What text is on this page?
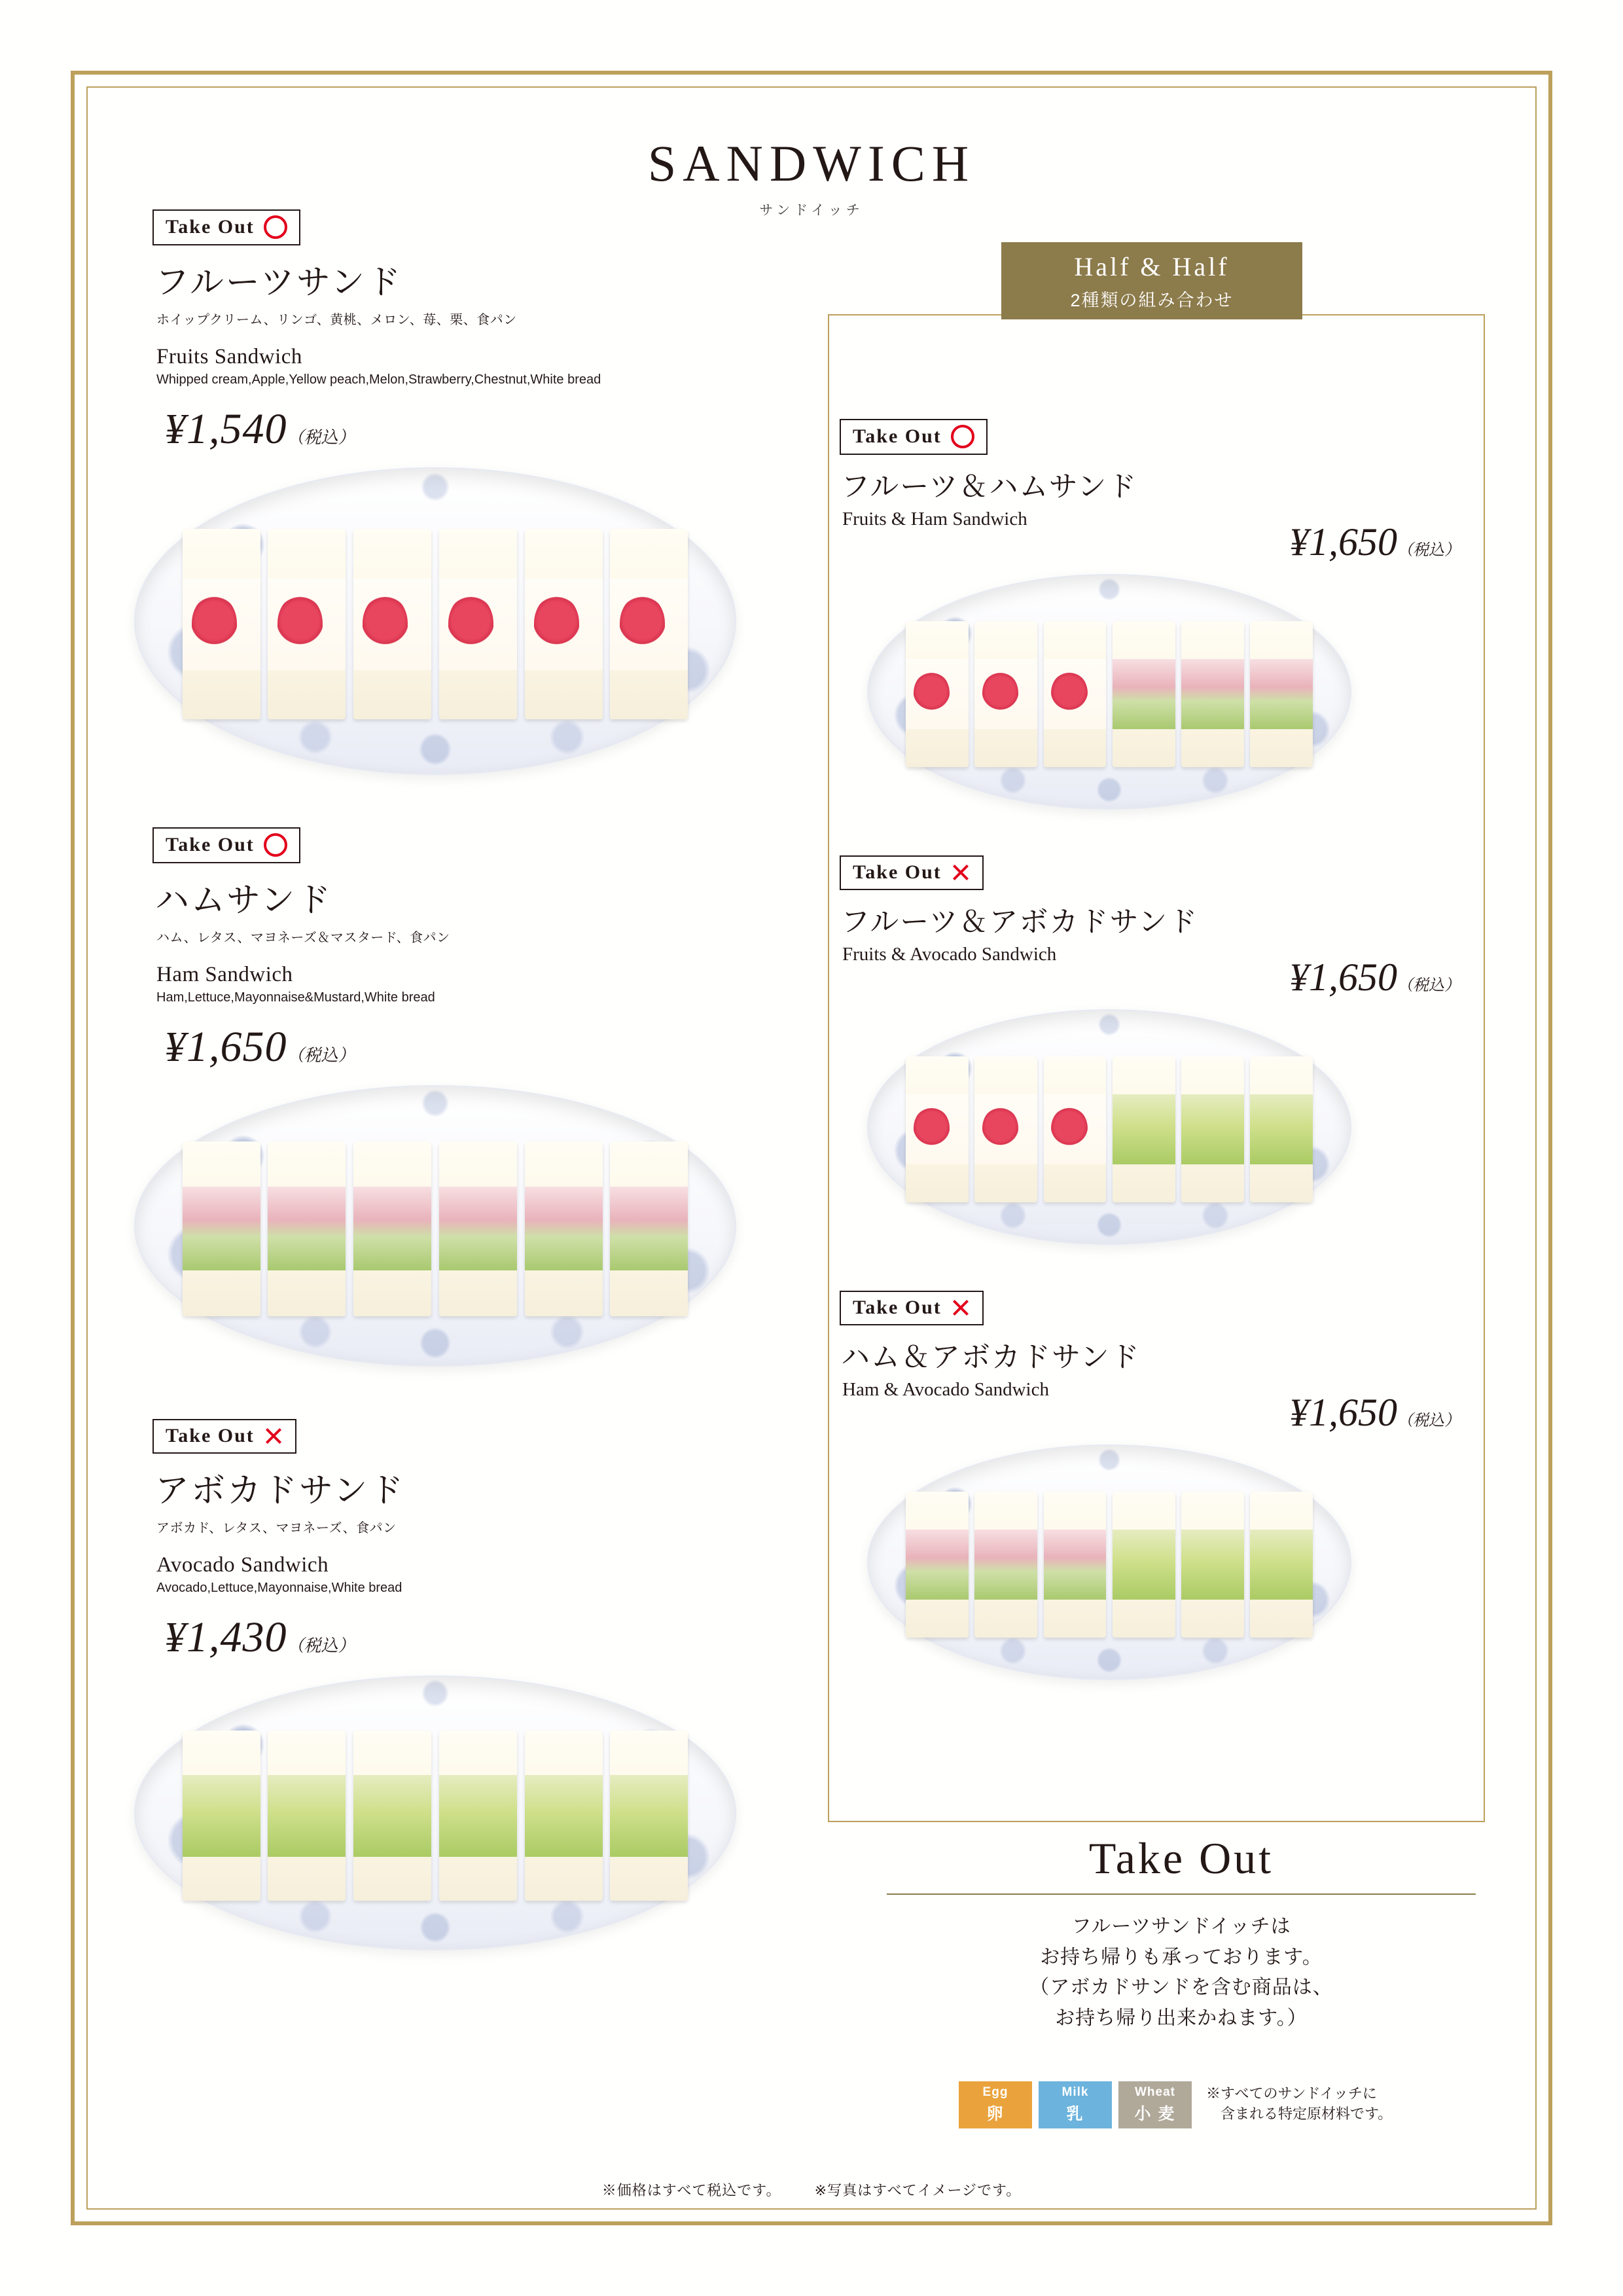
SANDWICH
サンドイッチ
Take Out
フルーツサンド
ホイップクリーム、リンゴ、黄桃、メロン、苺、栗、食パン
Fruits Sandwich
Whipped cream,Apple,Yellow peach,Melon,Strawberry,Chestnut,White bread
¥1,540（税込）
Take Out
ハムサンド
ハム、レタス、マヨネーズ＆マスタード、食パン
Ham Sandwich
Ham,Lettuce,Mayonnaise&Mustard,White bread
¥1,650（税込）
Take Out
アボカドサンド
アボカド、レタス、マヨネーズ、食パン
Avocado Sandwich
Avocado,Lettuce,Mayonnaise,White bread
¥1,430（税込）
Half & Half
2種類の組み合わせ
Take Out
フルーツ＆ハムサンド
Fruits & Ham Sandwich
¥1,650（税込）
Take Out
フルーツ＆アボカドサンド
Fruits & Avocado Sandwich
¥1,650（税込）
Take Out
ハム＆アボカドサンド
Ham & Avocado Sandwich
¥1,650（税込）
Take Out
フルーツサンドイッチは
お持ち帰りも承っております。
（アボカドサンドを含む商品は、
お持ち帰り出来かねます。）
Egg
卵
Milk
乳
Wheat
小 麦
※すべてのサンドイッチに
　含まれる特定原材料です。
※価格はすべて税込です。 ※写真はすべてイメージです。
